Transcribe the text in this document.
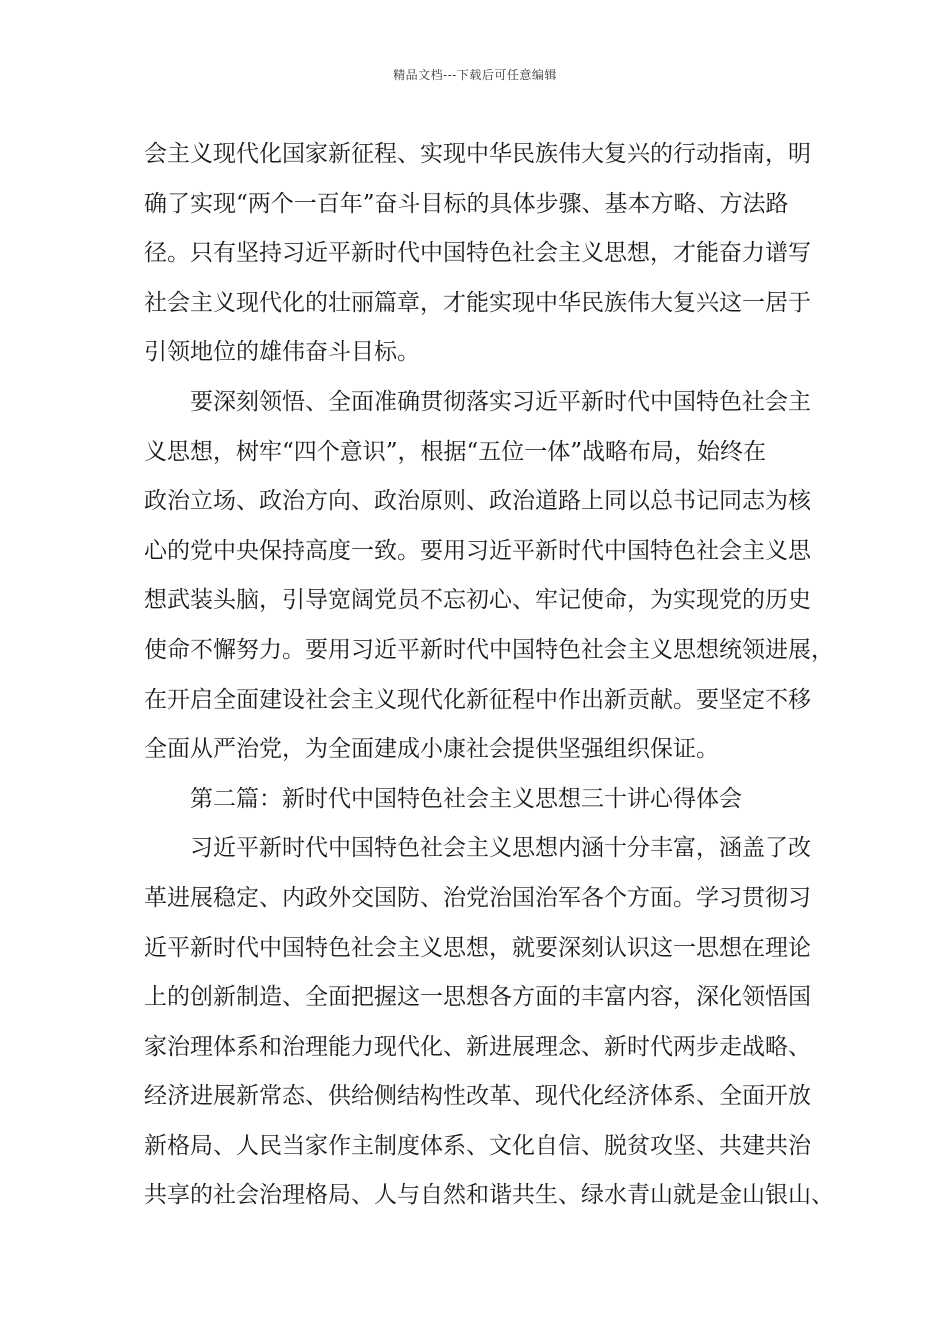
精品文档---下载后可任意编辑
会主义现代化国家新征程、实现中华民族伟大复兴的行动指南，明
确了实现“两个一百年”奋斗目标的具体步骤、基本方略、方法路
径。只有坚持习近平新时代中国特色社会主义思想，才能奋力谱写
社会主义现代化的壮丽篇章，才能实现中华民族伟大复兴这一居于
引领地位的雄伟奋斗目标。
要深刻领悟、全面准确贯彻落实习近平新时代中国特色社会主
义思想，树牢“四个意识”，根据“五位一体”战略布局，始终在
政治立场、政治方向、政治原则、政治道路上同以总书记同志为核
心的党中央保持高度一致。要用习近平新时代中国特色社会主义思
想武装头脑，引导宽阔党员不忘初心、牢记使命，为实现党的历史
使命不懈努力。要用习近平新时代中国特色社会主义思想统领进展，
在开启全面建设社会主义现代化新征程中作出新贡献。要坚定不移
全面从严治党，为全面建成小康社会提供坚强组织保证。
第二篇：新时代中国特色社会主义思想三十讲心得体会
习近平新时代中国特色社会主义思想内涵十分丰富，涵盖了改
革进展稳定、内政外交国防、治党治国治军各个方面。学习贯彻习
近平新时代中国特色社会主义思想，就要深刻认识这一思想在理论
上的创新制造、全面把握这一思想各方面的丰富内容，深化领悟国
家治理体系和治理能力现代化、新进展理念、新时代两步走战略、
经济进展新常态、供给侧结构性改革、现代化经济体系、全面开放
新格局、人民当家作主制度体系、文化自信、脱贫攻坚、共建共治
共享的社会治理格局、人与自然和谐共生、绿水青山就是金山银山、
